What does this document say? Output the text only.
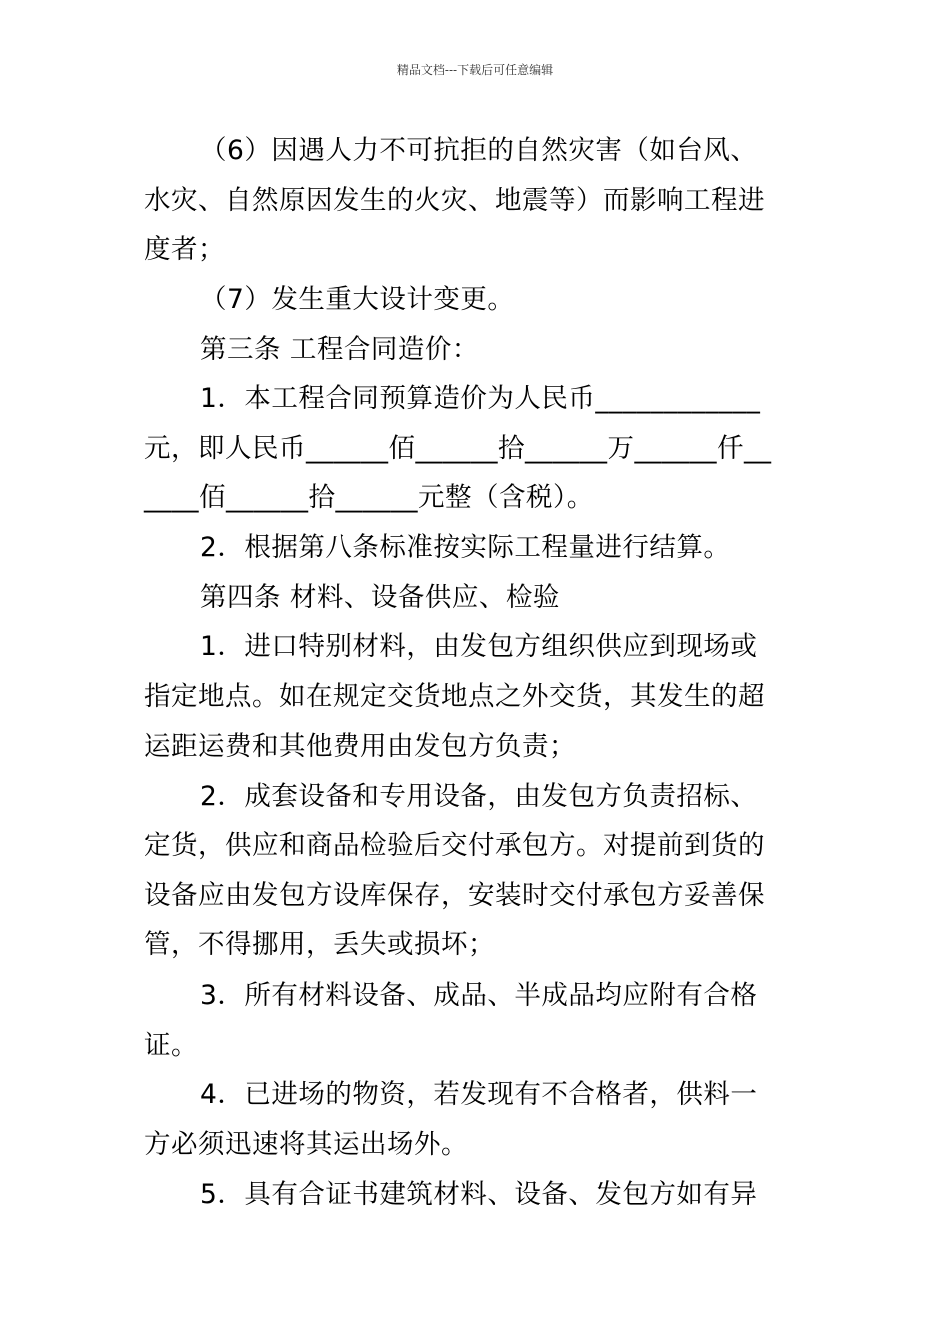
精品文档---下载后可任意编辑
（6）因遇人力不可抗拒的自然灾害（如台风、
水灾、自然原因发生的火灾、地震等）而影响工程进
度者；
（7）发生重大设计变更。
第三条 工程合同造价：
1．本工程合同预算造价为人民币____________
元，即人民币______佰______拾______万______仟__
____佰______拾______元整（含税）。
2．根据第八条标准按实际工程量进行结算。
第四条 材料、设备供应、检验
1．进口特别材料，由发包方组织供应到现场或
指定地点。如在规定交货地点之外交货，其发生的超
运距运费和其他费用由发包方负责；
2．成套设备和专用设备，由发包方负责招标、
定货，供应和商品检验后交付承包方。对提前到货的
设备应由发包方设库保存，安装时交付承包方妥善保
管，不得挪用，丢失或损坏；
3．所有材料设备、成品、半成品均应附有合格
证。
4．已进场的物资，若发现有不合格者，供料一
方必须迅速将其运出场外。
5．具有合证书建筑材料、设备、发包方如有异
